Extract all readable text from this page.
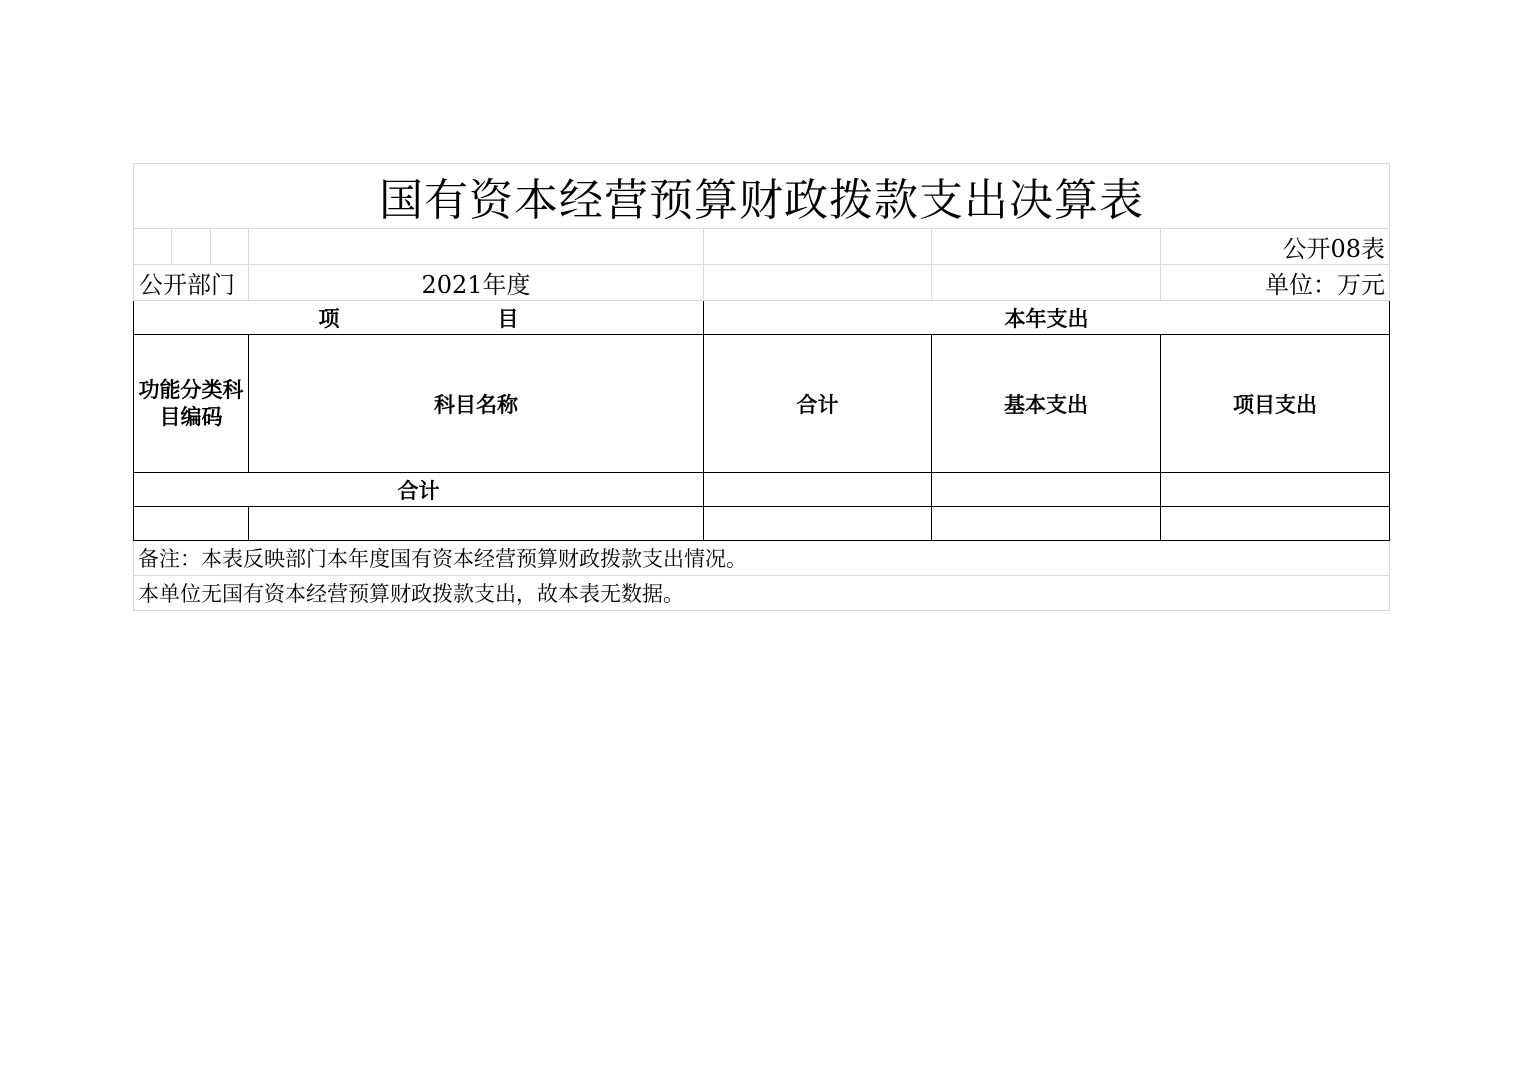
国有资本经营预算财政拨款支出决算表						
						公开08表
公开部门			2021年度			单位：万元
项 目				本年支出		
功能分类科目编码			科目名称	合计	基本支出	项目支出
合计						

备注：本表反映部门本年度国有资本经营预算财政拨款支出情况。						
本单位无国有资本经营预算财政拨款支出，故本表无数据。						
